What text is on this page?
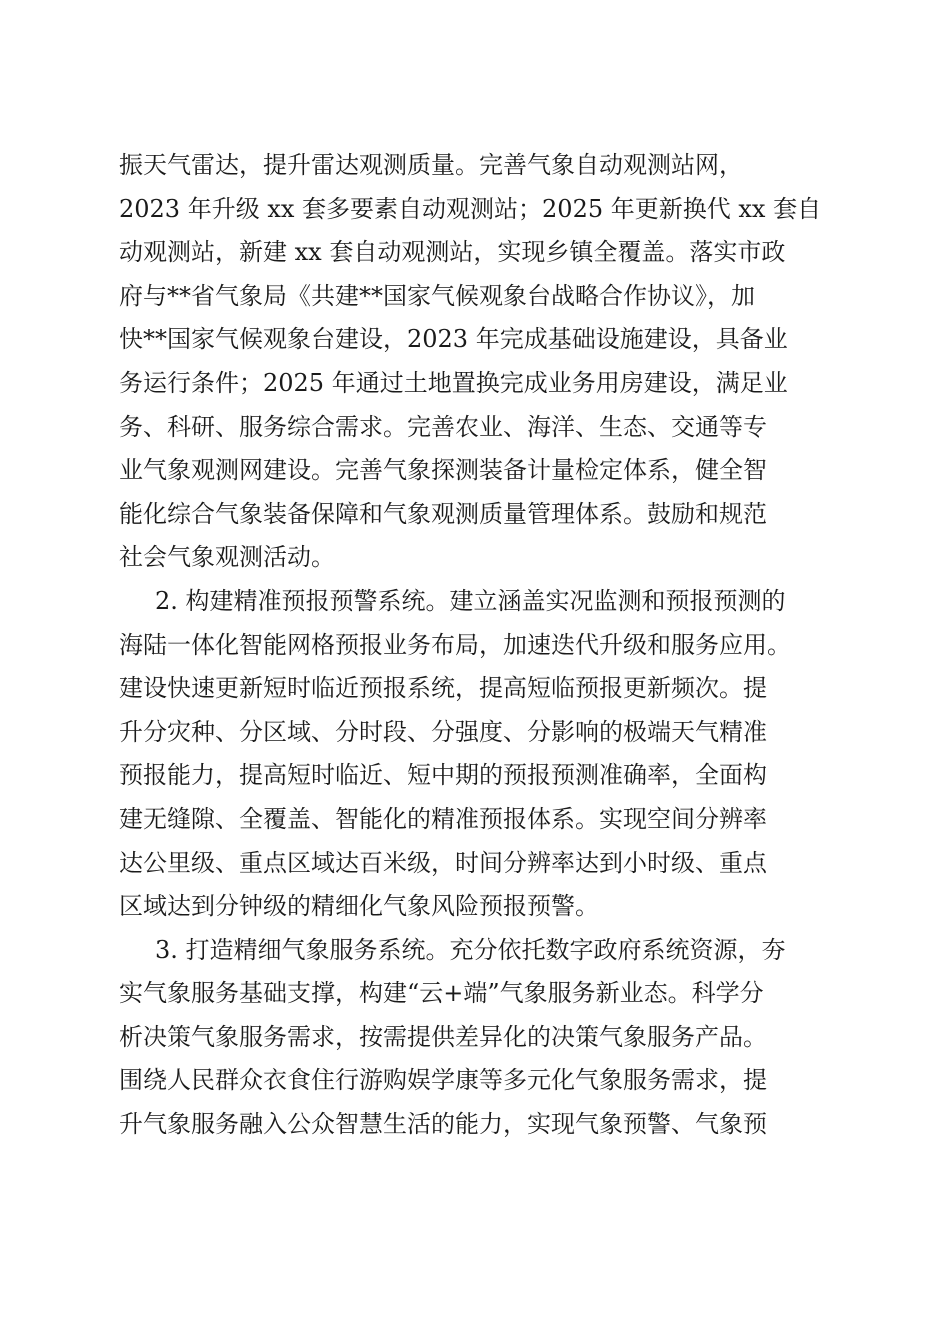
振天气雷达，提升雷达观测质量。完善气象自动观测站网，
2023 年升级 xx 套多要素自动观测站；2025 年更新换代 xx 套自
动观测站，新建 xx 套自动观测站，实现乡镇全覆盖。落实市政
府与**省气象局《共建**国家气候观象台战略合作协议》，加
快**国家气候观象台建设，2023 年完成基础设施建设，具备业
务运行条件；2025 年通过土地置换完成业务用房建设，满足业
务、科研、服务综合需求。完善农业、海洋、生态、交通等专
业气象观测网建设。完善气象探测装备计量检定体系，健全智
能化综合气象装备保障和气象观测质量管理体系。鼓励和规范
社会气象观测活动。
2. 构建精准预报预警系统。建立涵盖实况监测和预报预测的
海陆一体化智能网格预报业务布局，加速迭代升级和服务应用。
建设快速更新短时临近预报系统，提高短临预报更新频次。提
升分灾种、分区域、分时段、分强度、分影响的极端天气精准
预报能力，提高短时临近、短中期的预报预测准确率，全面构
建无缝隙、全覆盖、智能化的精准预报体系。实现空间分辨率
达公里级、重点区域达百米级，时间分辨率达到小时级、重点
区域达到分钟级的精细化气象风险预报预警。
3. 打造精细气象服务系统。充分依托数字政府系统资源，夯
实气象服务基础支撑，构建“云+端”气象服务新业态。科学分
析决策气象服务需求，按需提供差异化的决策气象服务产品。
围绕人民群众衣食住行游购娱学康等多元化气象服务需求，提
升气象服务融入公众智慧生活的能力，实现气象预警、气象预
